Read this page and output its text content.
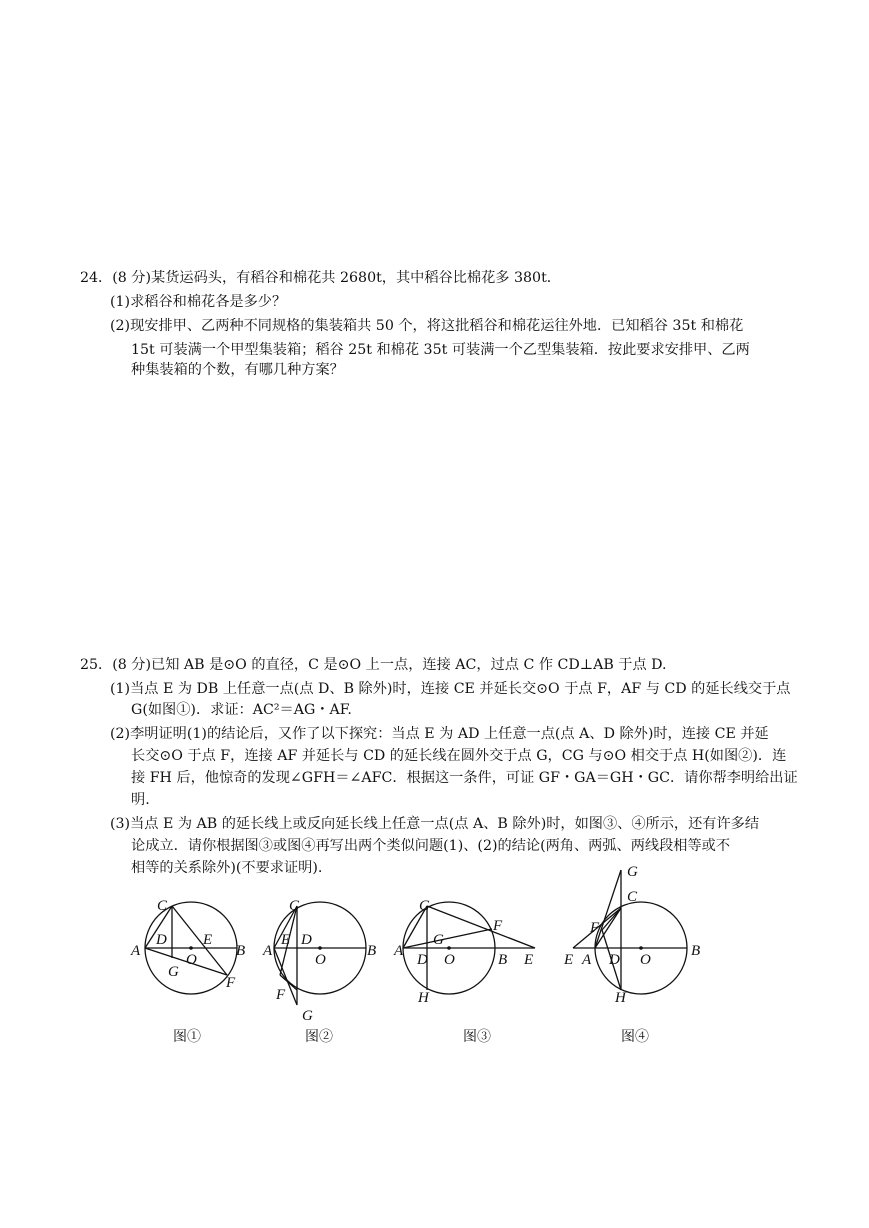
24．(8 分)某货运码头，有稻谷和棉花共 2680t，其中稻谷比棉花多 380t．
(1)求稻谷和棉花各是多少？
(2)现安排甲、乙两种不同规格的集装箱共 50 个，将这批稻谷和棉花运往外地．已知稻谷 35t 和棉花
15t 可装满一个甲型集装箱；稻谷 25t 和棉花 35t 可装满一个乙型集装箱．按此要求安排甲、乙两
种集装箱的个数，有哪几种方案？
25．(8 分)已知 AB 是⊙O 的直径，C 是⊙O 上一点，连接 AC，过点 C 作 CD⊥AB 于点 D.
(1)当点 E 为 DB 上任意一点(点 D、B 除外)时，连接 CE 并延长交⊙O 于点 F，AF 与 CD 的延长线交于点
G(如图①)．求证：AC²＝AG・AF.
(2)李明证明(1)的结论后，又作了以下探究：当点 E 为 AD 上任意一点(点 A、D 除外)时，连接 CE 并延
长交⊙O 于点 F，连接 AF 并延长与 CD 的延长线在圆外交于点 G，CG 与⊙O 相交于点 H(如图②)．连
接 FH 后，他惊奇的发现∠GFH＝∠AFC．根据这一条件，可证 GF・GA＝GH・GC．请你帮李明给出证
明.
(3)当点 E 为 AB 的延长线上或反向延长线上任意一点(点 A、B 除外)时，如图③、④所示，还有许多结
论成立．请你根据图③或图④再写出两个类似问题(1)、(2)的结论(两角、两弧、两线段相等或不
相等的关系除外)(不要求证明).
C
D E
A	B
O
G
F
C
E D
A	B
O
F
G
C
F
G
A
D O	B E
H
G
C
F
E A D O
B
H
图①	图②	图③	图④
